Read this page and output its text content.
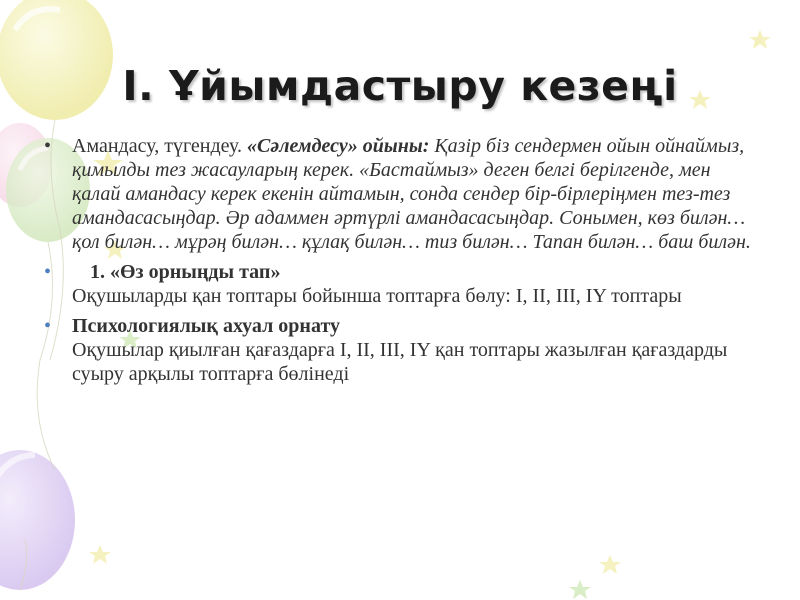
I. Ұйымдастыру кезеңі
• Амандасу, түгендеу. «Сәлемдесу» ойыны: Қазір біз сендермен ойын ойнаймыз, қимылды тез жасауларың керек. «Бастаймыз» деген белгі берілгенде, мен қалай амандасу керек екенін айтамын, сонда сендер бір-бірлеріңмен тез-тез амандасасыңдар. Әр адаммен әртүрлі амандасасыңдар. Сонымен, көз билән… қол билән… мұрәң билән… құлақ билән… тиз билән… Тапан билән… баш билән.
•	1. «Өз орныңды тап»
Оқушыларды қан топтары бойынша топтарға бөлу: I, II, III, IY топтары
• Психологиялық ахуал орнату
Оқушылар қиылған қағаздарға I, II, III, IY қан топтары жазылған қағаздарды суыру арқылы топтарға бөлінеді
